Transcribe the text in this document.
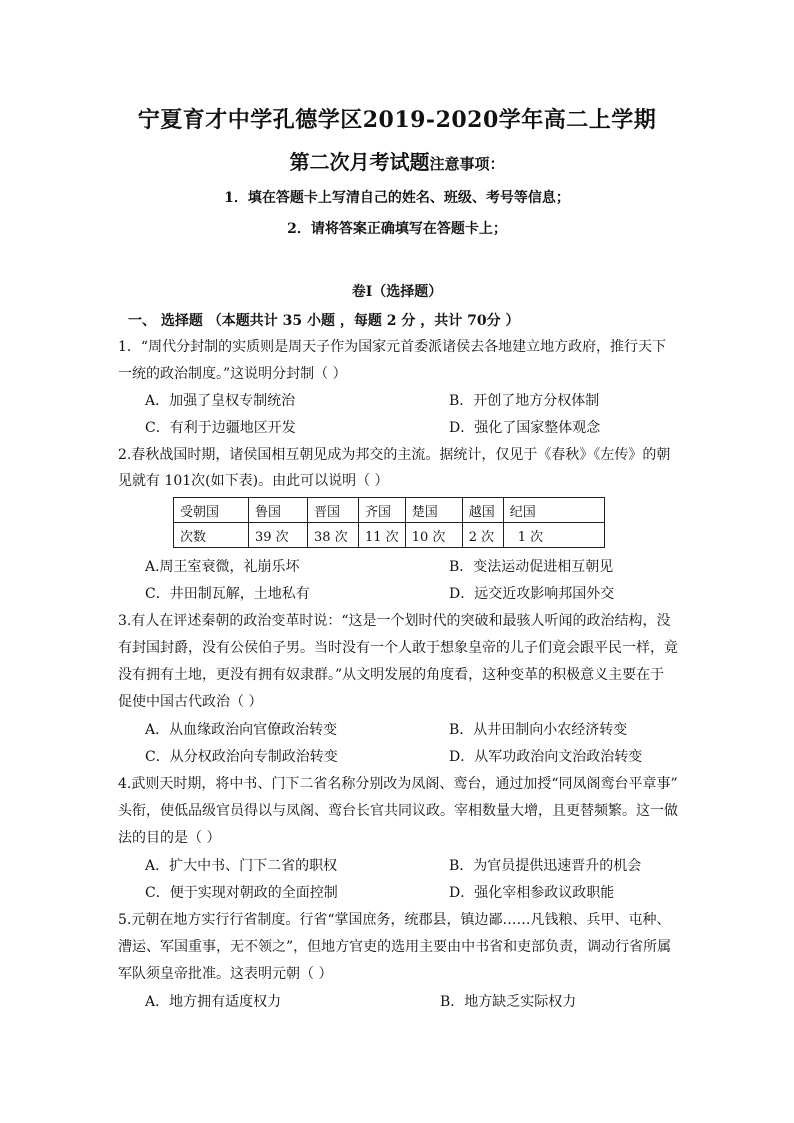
宁夏育才中学孔德学区2019-2020学年高二上学期
第二次月考试题注意事项：
1．填在答题卡上写清自己的姓名、班级、考号等信息；
2．请将答案正确填写在答题卡上；
卷Ⅰ（选择题）
一、 选择题 （本题共计 35 小题 ，每题 2 分 ，共计 70分 ）
1．“周代分封制的实质则是周天子作为国家元首委派诸侯去各地建立地方政府，推行天下
一统的政治制度。”这说明分封制（ ）
A．加强了皇权专制统治	B．开创了地方分权体制
C．有利于边疆地区开发	D．强化了国家整体观念
2.春秋战国时期，诸侯国相互朝见成为邦交的主流。据统计，仅见于《春秋》《左传》的朝
见就有 101次(如下表)。由此可以说明（ ）
受朝国	鲁国	晋国	齐国	楚国	越国	纪国
次数	39 次	38 次	11 次	10 次	2 次	1 次
A.周王室衰微，礼崩乐坏	B．变法运动促进相互朝见
C．井田制瓦解，土地私有	D．远交近攻影响邦国外交
3.有人在评述秦朝的政治变革时说：“这是一个划时代的突破和最骇人听闻的政治结构，没
有封国封爵，没有公侯伯子男。当时没有一个人敢于想象皇帝的儿子们竟会跟平民一样，竟
没有拥有土地，更没有拥有奴隶群。”从文明发展的角度看，这种变革的积极意义主要在于
促使中国古代政治（ ）
A．从血缘政治向官僚政治转变	B．从井田制向小农经济转变
C．从分权政治向专制政治转变	D．从军功政治向文治政治转变
4.武则天时期，将中书、门下二省名称分别改为凤阁、鸾台，通过加授“同凤阁鸾台平章事”
头衔，使低品级官员得以与凤阁、鸾台长官共同议政。宰相数量大增，且更替频繁。这一做
法的目的是（ ）
A．扩大中书、门下二省的职权	B．为官员提供迅速晋升的机会
C．便于实现对朝政的全面控制	D．强化宰相参政议政职能
5.元朝在地方实行行省制度。行省“掌国庶务，统郡县，镇边鄙……凡钱粮、兵甲、屯种、
漕运、军国重事，无不领之”，但地方官吏的选用主要由中书省和吏部负责，调动行省所属
军队须皇帝批准。这表明元朝（ ）
A．地方拥有适度权力	B．地方缺乏实际权力
